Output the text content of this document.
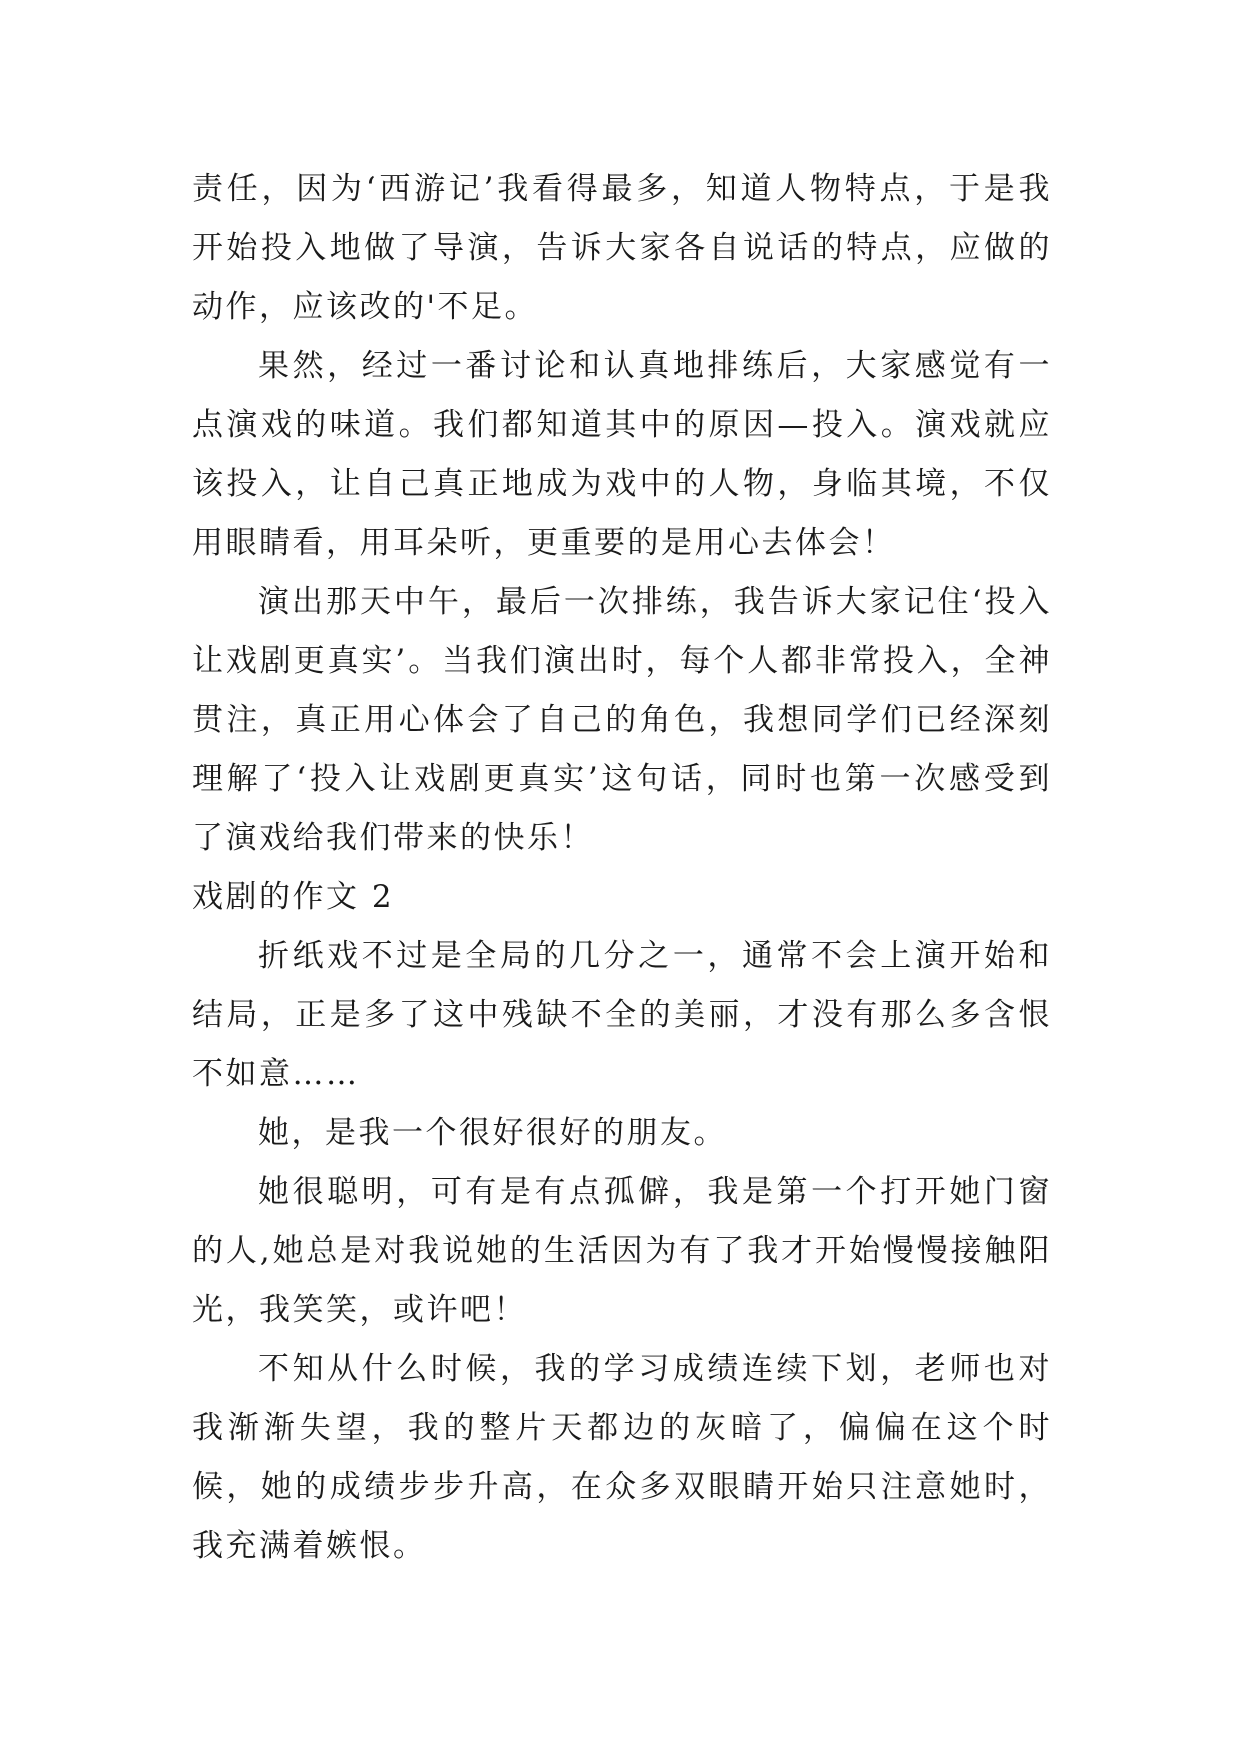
责任，因为‘西游记’我看得最多，知道人物特点，于是我开始投入地做了导演，告诉大家各自说话的特点，应做的动作，应该改的'不足。

果然，经过一番讨论和认真地排练后，大家感觉有一点演戏的味道。我们都知道其中的原因—投入。演戏就应该投入，让自己真正地成为戏中的人物，身临其境，不仅用眼睛看，用耳朵听，更重要的是用心去体会！

演出那天中午，最后一次排练，我告诉大家记住‘投入让戏剧更真实’。当我们演出时，每个人都非常投入，全神贯注，真正用心体会了自己的角色，我想同学们已经深刻理解了‘投入让戏剧更真实’这句话，同时也第一次感受到了演戏给我们带来的快乐！

戏剧的作文 2

折纸戏不过是全局的几分之一，通常不会上演开始和结局，正是多了这中残缺不全的美丽，才没有那么多含恨不如意……

她，是我一个很好很好的朋友。

她很聪明，可有是有点孤僻，我是第一个打开她门窗的人,她总是对我说她的生活因为有了我才开始慢慢接触阳光，我笑笑，或许吧！

不知从什么时候，我的学习成绩连续下划，老师也对我渐渐失望，我的整片天都边的灰暗了，偏偏在这个时候，她的成绩步步升高，在众多双眼睛开始只注意她时，我充满着嫉恨。
